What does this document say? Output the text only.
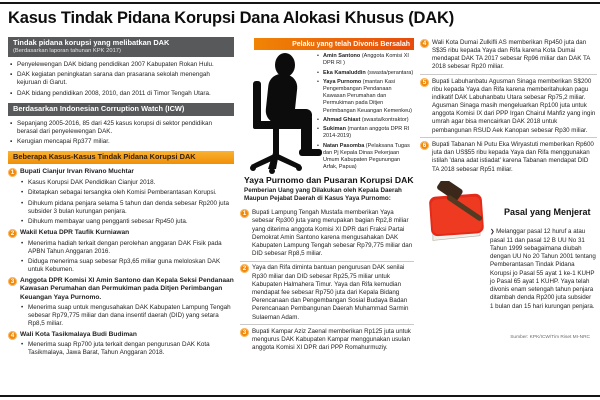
Kasus Tindak Pidana Korupsi Dana Alokasi Khusus (DAK)
Tindak pidana korupsi yang melibatkan DAK
(Berdasarkan laporan tahunan KPK 2017)
▪ Penyelewengan DAK bidang pendidikan 2007 Kabupaten Rokan Hulu.
▪ DAK kegiatan peningkatan sarana dan prasarana sekolah menengah kejuruan di Garut.
▪ DAK bidang pendidikan 2008, 2010, dan 2011 di Timor Tengah Utara.
Berdasarkan Indonesian Corruption Watch (ICW)
▪ Sepanjang 2005-2016, 85 dari 425 kasus korupsi di sektor pendidikan berasal dari penyelewengan DAK.
▪ Kerugian mencapai Rp377 miliar.
Beberapa Kasus-Kasus Tindak Pidana Korupsi DAK
1 Bupati Cianjur Irvan Rivano Muchtar
• Kasus Korupsi DAK Pendidikan Cianjur 2018.
• Ditetapkan sebagai tersangka oleh Komisi Pemberantasan Korupsi.
• Dihukum pidana penjara selama 5 tahun dan denda sebesar Rp200 juta subsider 3 bulan kurungan penjara.
• Dihukum membayar uang pengganti sebesar Rp450 juta.
2 Wakil Ketua DPR Taufik Kurniawan
• Menerima hadiah terkait dengan perolehan anggaran DAK Fisik pada APBN Tahun Anggaran 2016.
• Diduga menerima suap sebesar Rp3,65 miliar guna meloloskan DAK untuk Kebumen.
3 Anggota DPR Komisi XI Amin Santono dan Kepala Seksi Pendanaan Kawasan Perumahan dan Permukiman pada Ditjen Perimbangan Keuangan Yaya Purnomo.
• Menerima suap untuk mengusahakan DAK Kabupaten Lampung Tengah sebesar Rp79,775 miliar dan dana insentif daerah (DID) yang setara Rp8,5 miliar.
4 Wali Kota Tasikmalaya Budi Budiman
• Menerima suap Rp700 juta terkait dengan pengurusan DAK Kota Tasikmalaya, Jawa Barat, Tahun Anggaran 2018.
Pelaku yang telah Divonis Bersalah
• Amin Santono (Anggota Komisi XI DPR RI )
• Eka Kamaluddin (swasta/perantara)
• Yaya Purnomo (mantan Kasi Pengembangan Pendanaan Kawasan Perumahan dan Permukiman pada Ditjen Perimbangan Keuangan Kemenkeu)
• Ahmad Ghiast (swasta/kontraktor)
• Sukiman (mantan anggota DPR RI 2014-2019)
• Natan Pasomba (Pelaksana Tugas dan Pj Kepala Dinas Pekerjaan Umum Kabupaten Pegunungan Arfak, Papua)
Yaya Purnomo dan Pusaran Korupsi DAK

Pemberian Uang yang Dilakukan oleh Kepala Daerah Maupun Pejabat Daerah di Kasus Yaya Purnomo:

1 Bupati Lampung Tengah Mustafa memberikan Yaya sebesar Rp300 juta yang merupakan bagian Rp2,8 miliar yang diterima anggota Komisi XI DPR dari Fraksi Partai Demokrat Amin Santono karena mengusahakan DAK Kabupaten Lampung Tengah sebesar Rp79,775 miliar dan DID sebesar Rp8,5 miliar.
2 Yaya dan Rifa diminta bantuan pengurusan DAK senilai Rp30 miliar dan DID sebesar Rp25,75 miliar untuk Kabupaten Halmahera Timur. Yaya dan Rifa kemudian mendapat fee sebesar Rp750 juta dari Kepala Bidang Perencanaan dan Pengembangan Sosial Budaya Badan Perencanaan Pembangunan Daerah Muhammad Sarmin Sulaeman Adam.
3 Bupati Kampar Aziz Zaenal memberikan Rp125 juta untuk mengurus DAK Kabupaten Kampar menggunakan usulan anggota Komisi XI DPR dari PPP Romahurmuziy.
4 Wali Kota Dumai Zulkifli AS memberikan Rp450 juta dan S$35 ribu kepada Yaya dan Rifa karena Kota Dumai mendapat DAK TA 2017 sebesar Rp96 miliar dan DAK TA 2018 sebesar Rp20 miliar.
5 Bupati Labuhanbatu Agusman Sinaga memberikan S$200 ribu kepada Yaya dan Rifa karena memberitahukan pagu indikatif DAK Labuhanbatu Utara sebesar Rp75,2 miliar. Agusman Sinaga masih mengeluarkan Rp100 juta untuk anggota Komisi IX dari PPP Irgan Chairul Mahfiz yang ingin umrah agar bisa mencairkan DAK 2018 untuk pembangunan RSUD Aek Kanopan sebesar Rp30 miliar.
6 Bupati Tabanan Ni Putu Eka Wiryastuti memberikan Rp600 juta dan US$55 ribu kepada Yaya dan Rifa menggunakan istilah 'dana adat istiadat' karena Tabanan mendapat DID TA 2018 sebesar Rp51 miliar.
Pasal yang Menjerat

❯ Melanggar pasal 12 huruf a atau pasal 11 dan pasal 12 B UU No 31 Tahun 1999 sebagaimana diubah dengan UU No 20 Tahun 2001 tentang Pemberantasan Tindak Pidana Korupsi jo Pasal 55 ayat 1 ke-1 KUHP jo Pasal 65 ayat 1 KUHP. Yaya telah divonis enam setengah tahun penjara ditambah denda Rp200 juta subsider 1 bulan dan 15 hari kurungan penjara.

Sumber: KPK/ICW/Tim Riset MI-NRC
